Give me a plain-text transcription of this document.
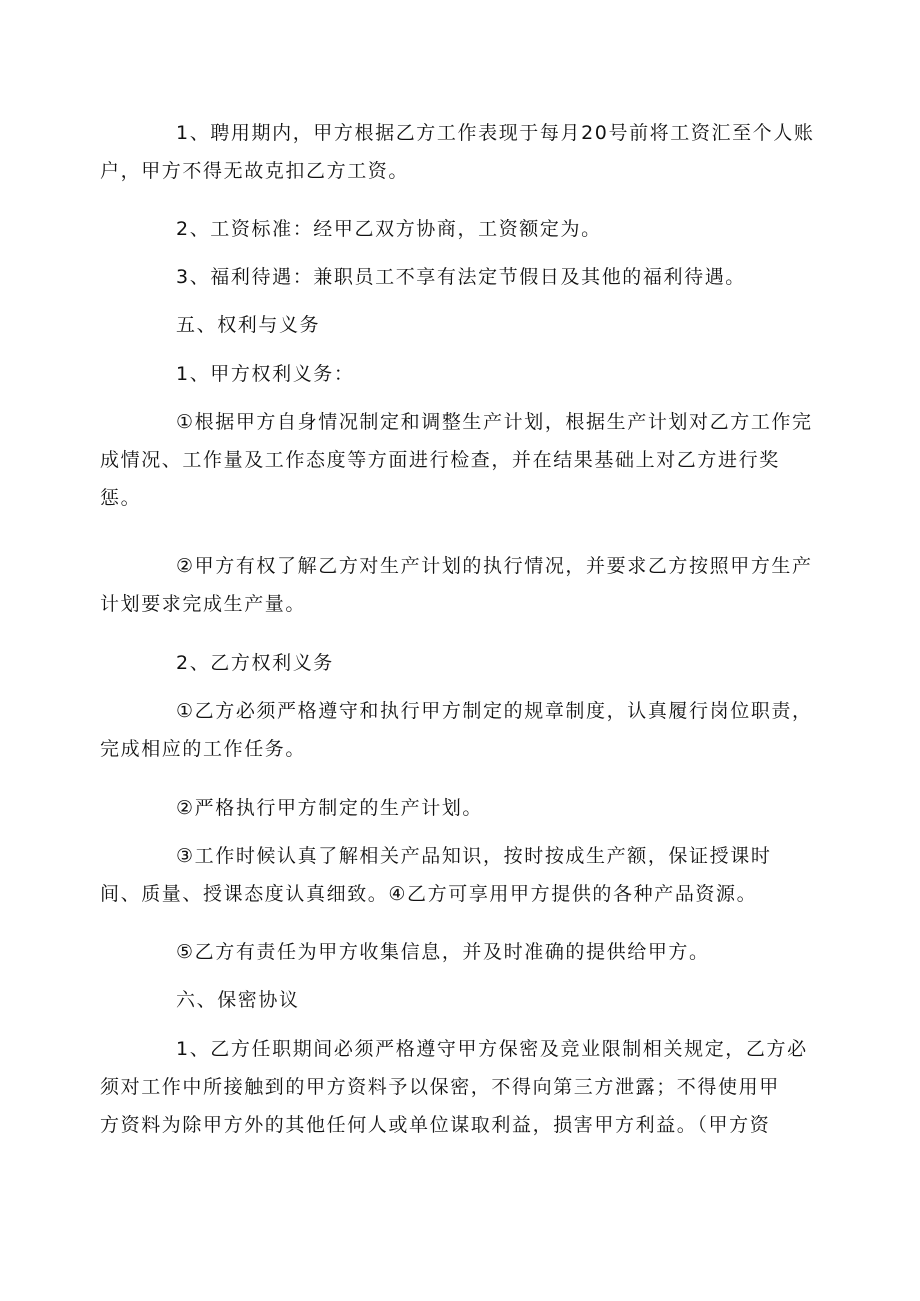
1、聘用期内，甲方根据乙方工作表现于每月20号前将工资汇至个人账
户，甲方不得无故克扣乙方工资。

2、工资标准：经甲乙双方协商，工资额定为。

3、福利待遇：兼职员工不享有法定节假日及其他的福利待遇。

五、权利与义务

1、甲方权利义务：

①根据甲方自身情况制定和调整生产计划，根据生产计划对乙方工作完
成情况、工作量及工作态度等方面进行检查，并在结果基础上对乙方进行奖
惩。

②甲方有权了解乙方对生产计划的执行情况，并要求乙方按照甲方生产
计划要求完成生产量。

2、乙方权利义务

①乙方必须严格遵守和执行甲方制定的规章制度，认真履行岗位职责，
完成相应的工作任务。

②严格执行甲方制定的生产计划。

③工作时候认真了解相关产品知识，按时按成生产额，保证授课时
间、质量、授课态度认真细致。④乙方可享用甲方提供的各种产品资源。

⑤乙方有责任为甲方收集信息，并及时准确的提供给甲方。

六、保密协议

1、乙方任职期间必须严格遵守甲方保密及竞业限制相关规定，乙方必
须对工作中所接触到的甲方资料予以保密，不得向第三方泄露；不得使用甲
方资料为除甲方外的其他任何人或单位谋取利益，损害甲方利益。（甲方资
